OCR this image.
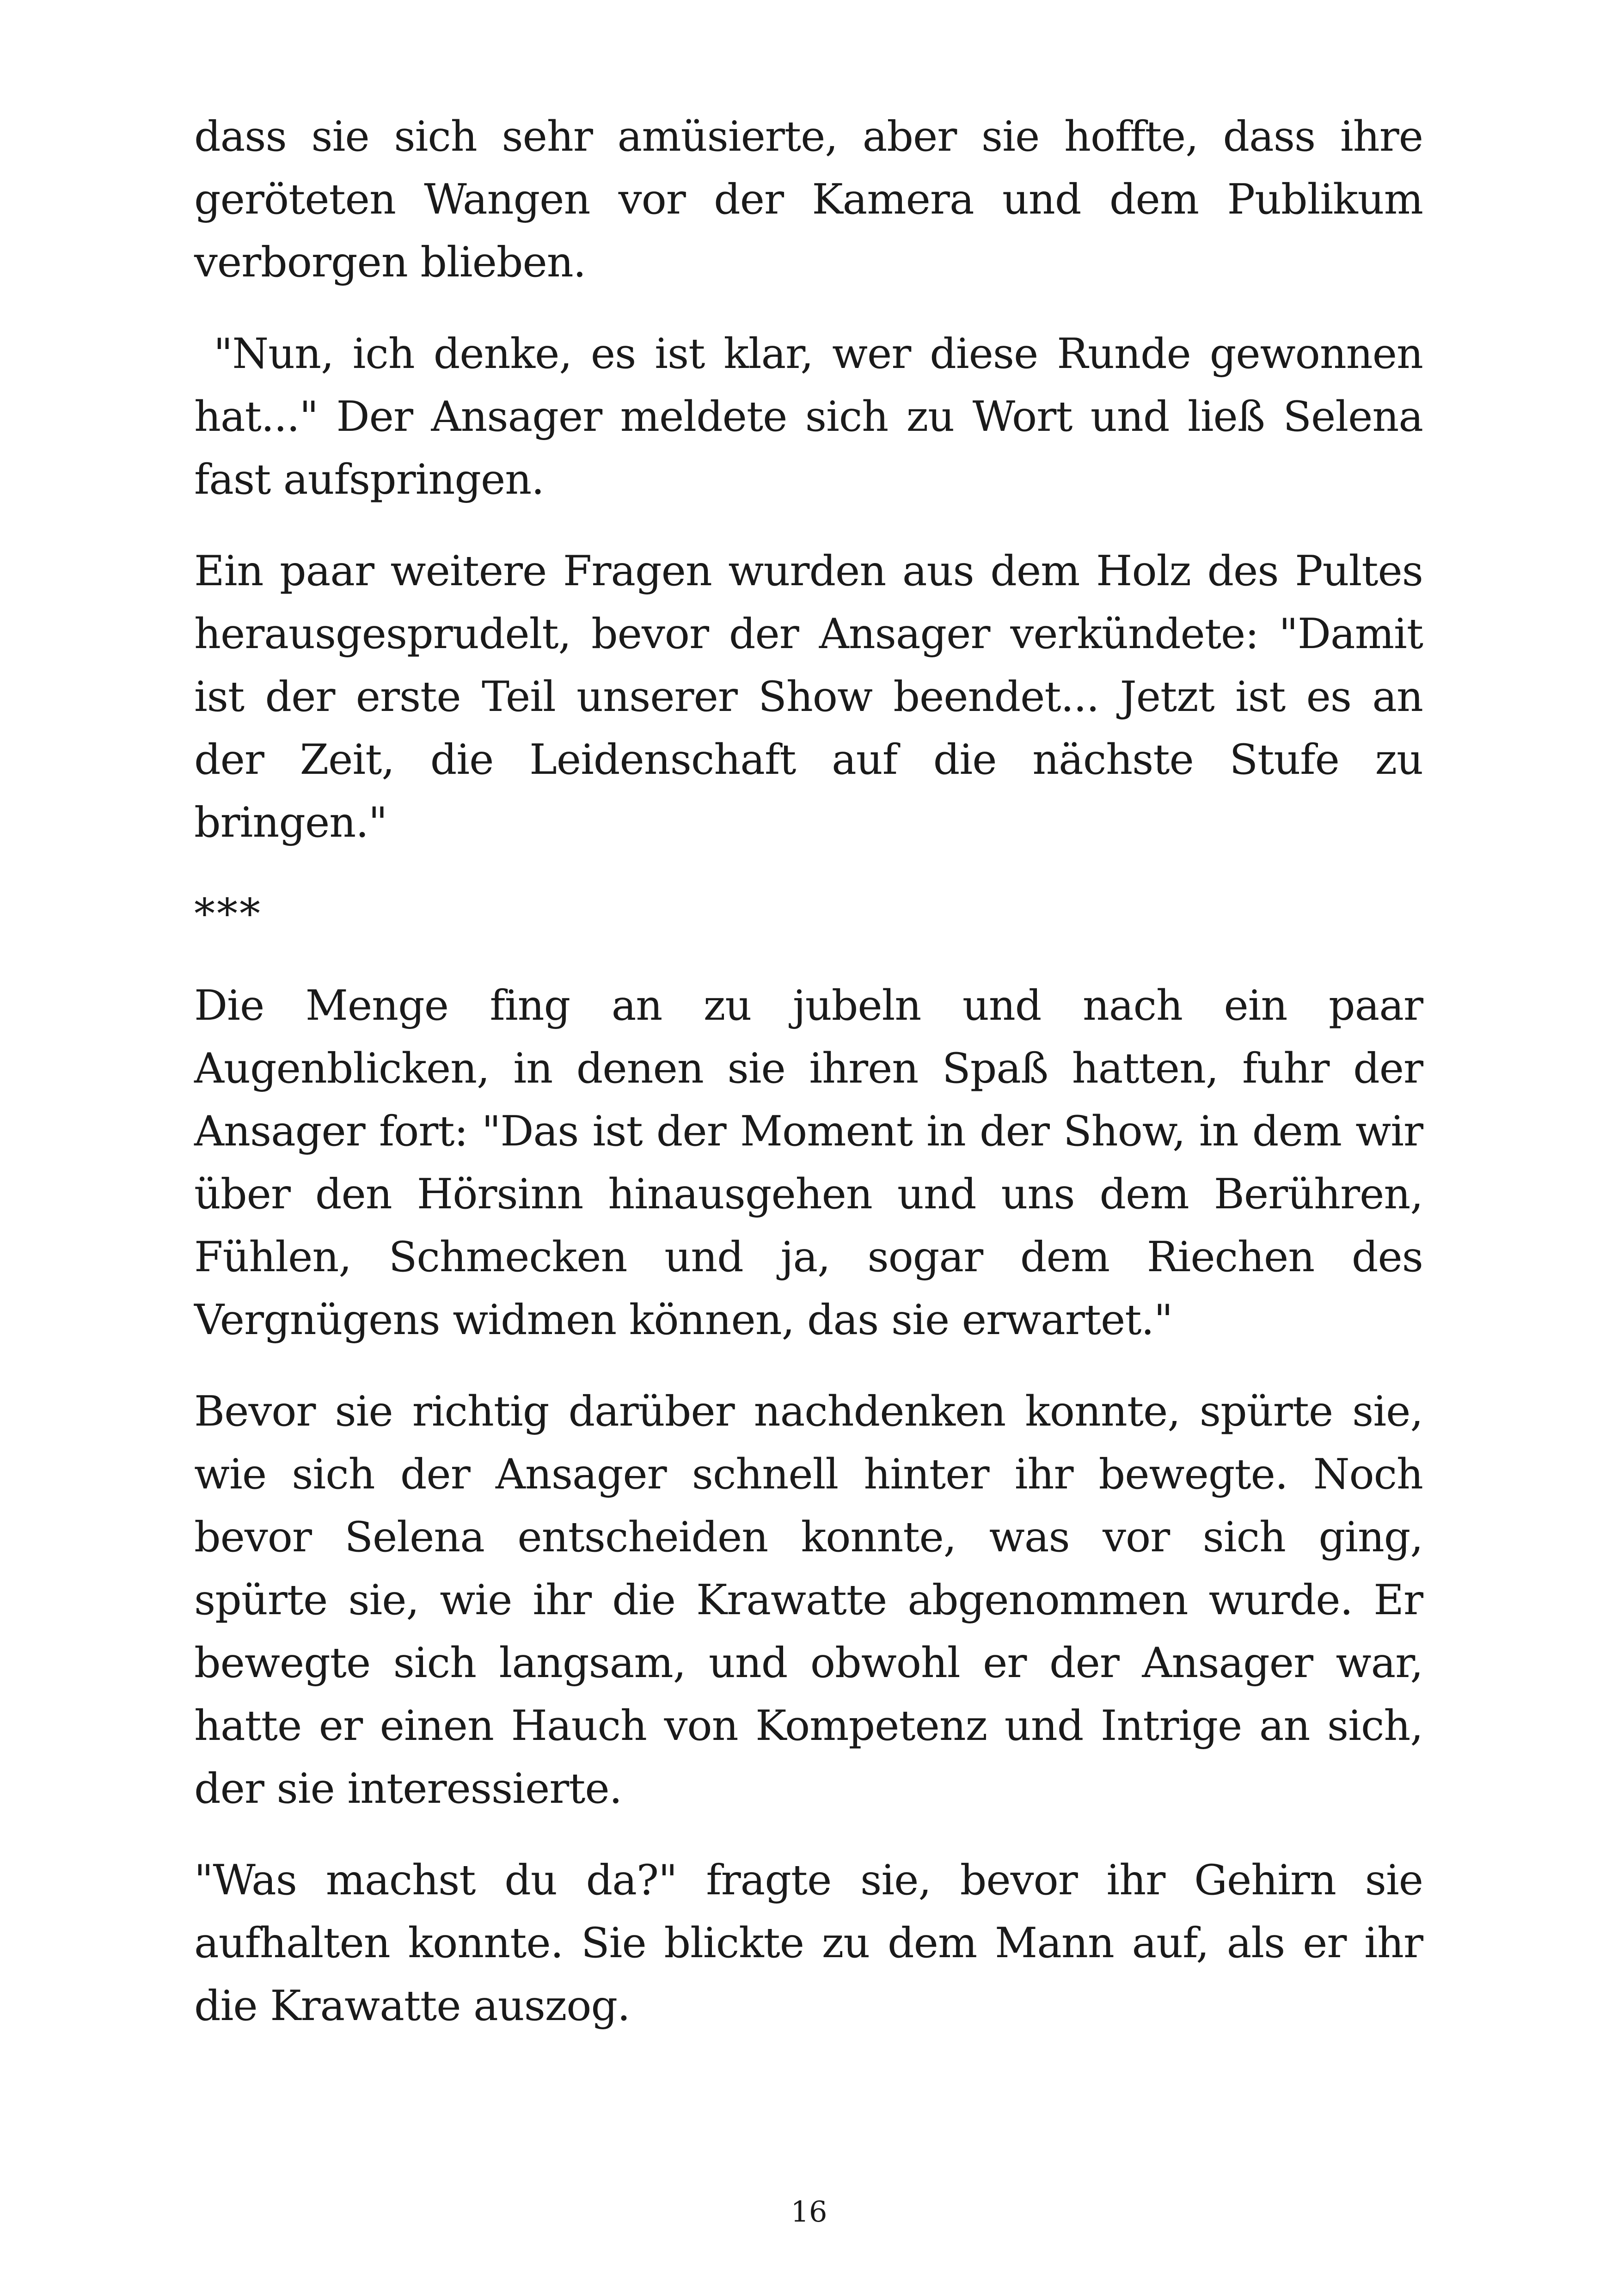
dass sie sich sehr amüsierte, aber sie hoffte, dass ihre geröteten Wangen vor der Kamera und dem Publikum verborgen blieben.

"Nun, ich denke, es ist klar, wer diese Runde gewonnen hat..." Der Ansager meldete sich zu Wort und ließ Selena fast aufspringen.

Ein paar weitere Fragen wurden aus dem Holz des Pultes herausgesprudelt, bevor der Ansager verkündete: "Damit ist der erste Teil unserer Show beendet... Jetzt ist es an der Zeit, die Leidenschaft auf die nächste Stufe zu bringen."

***

Die Menge fing an zu jubeln und nach ein paar Augenblicken, in denen sie ihren Spaß hatten, fuhr der Ansager fort: "Das ist der Moment in der Show, in dem wir über den Hörsinn hinausgehen und uns dem Berühren, Fühlen, Schmecken und ja, sogar dem Riechen des Vergnügens widmen können, das sie erwartet."

Bevor sie richtig darüber nachdenken konnte, spürte sie, wie sich der Ansager schnell hinter ihr bewegte. Noch bevor Selena entscheiden konnte, was vor sich ging, spürte sie, wie ihr die Krawatte abgenommen wurde. Er bewegte sich langsam, und obwohl er der Ansager war, hatte er einen Hauch von Kompetenz und Intrige an sich, der sie interessierte.

"Was machst du da?" fragte sie, bevor ihr Gehirn sie aufhalten konnte. Sie blickte zu dem Mann auf, als er ihr die Krawatte auszog.

16
